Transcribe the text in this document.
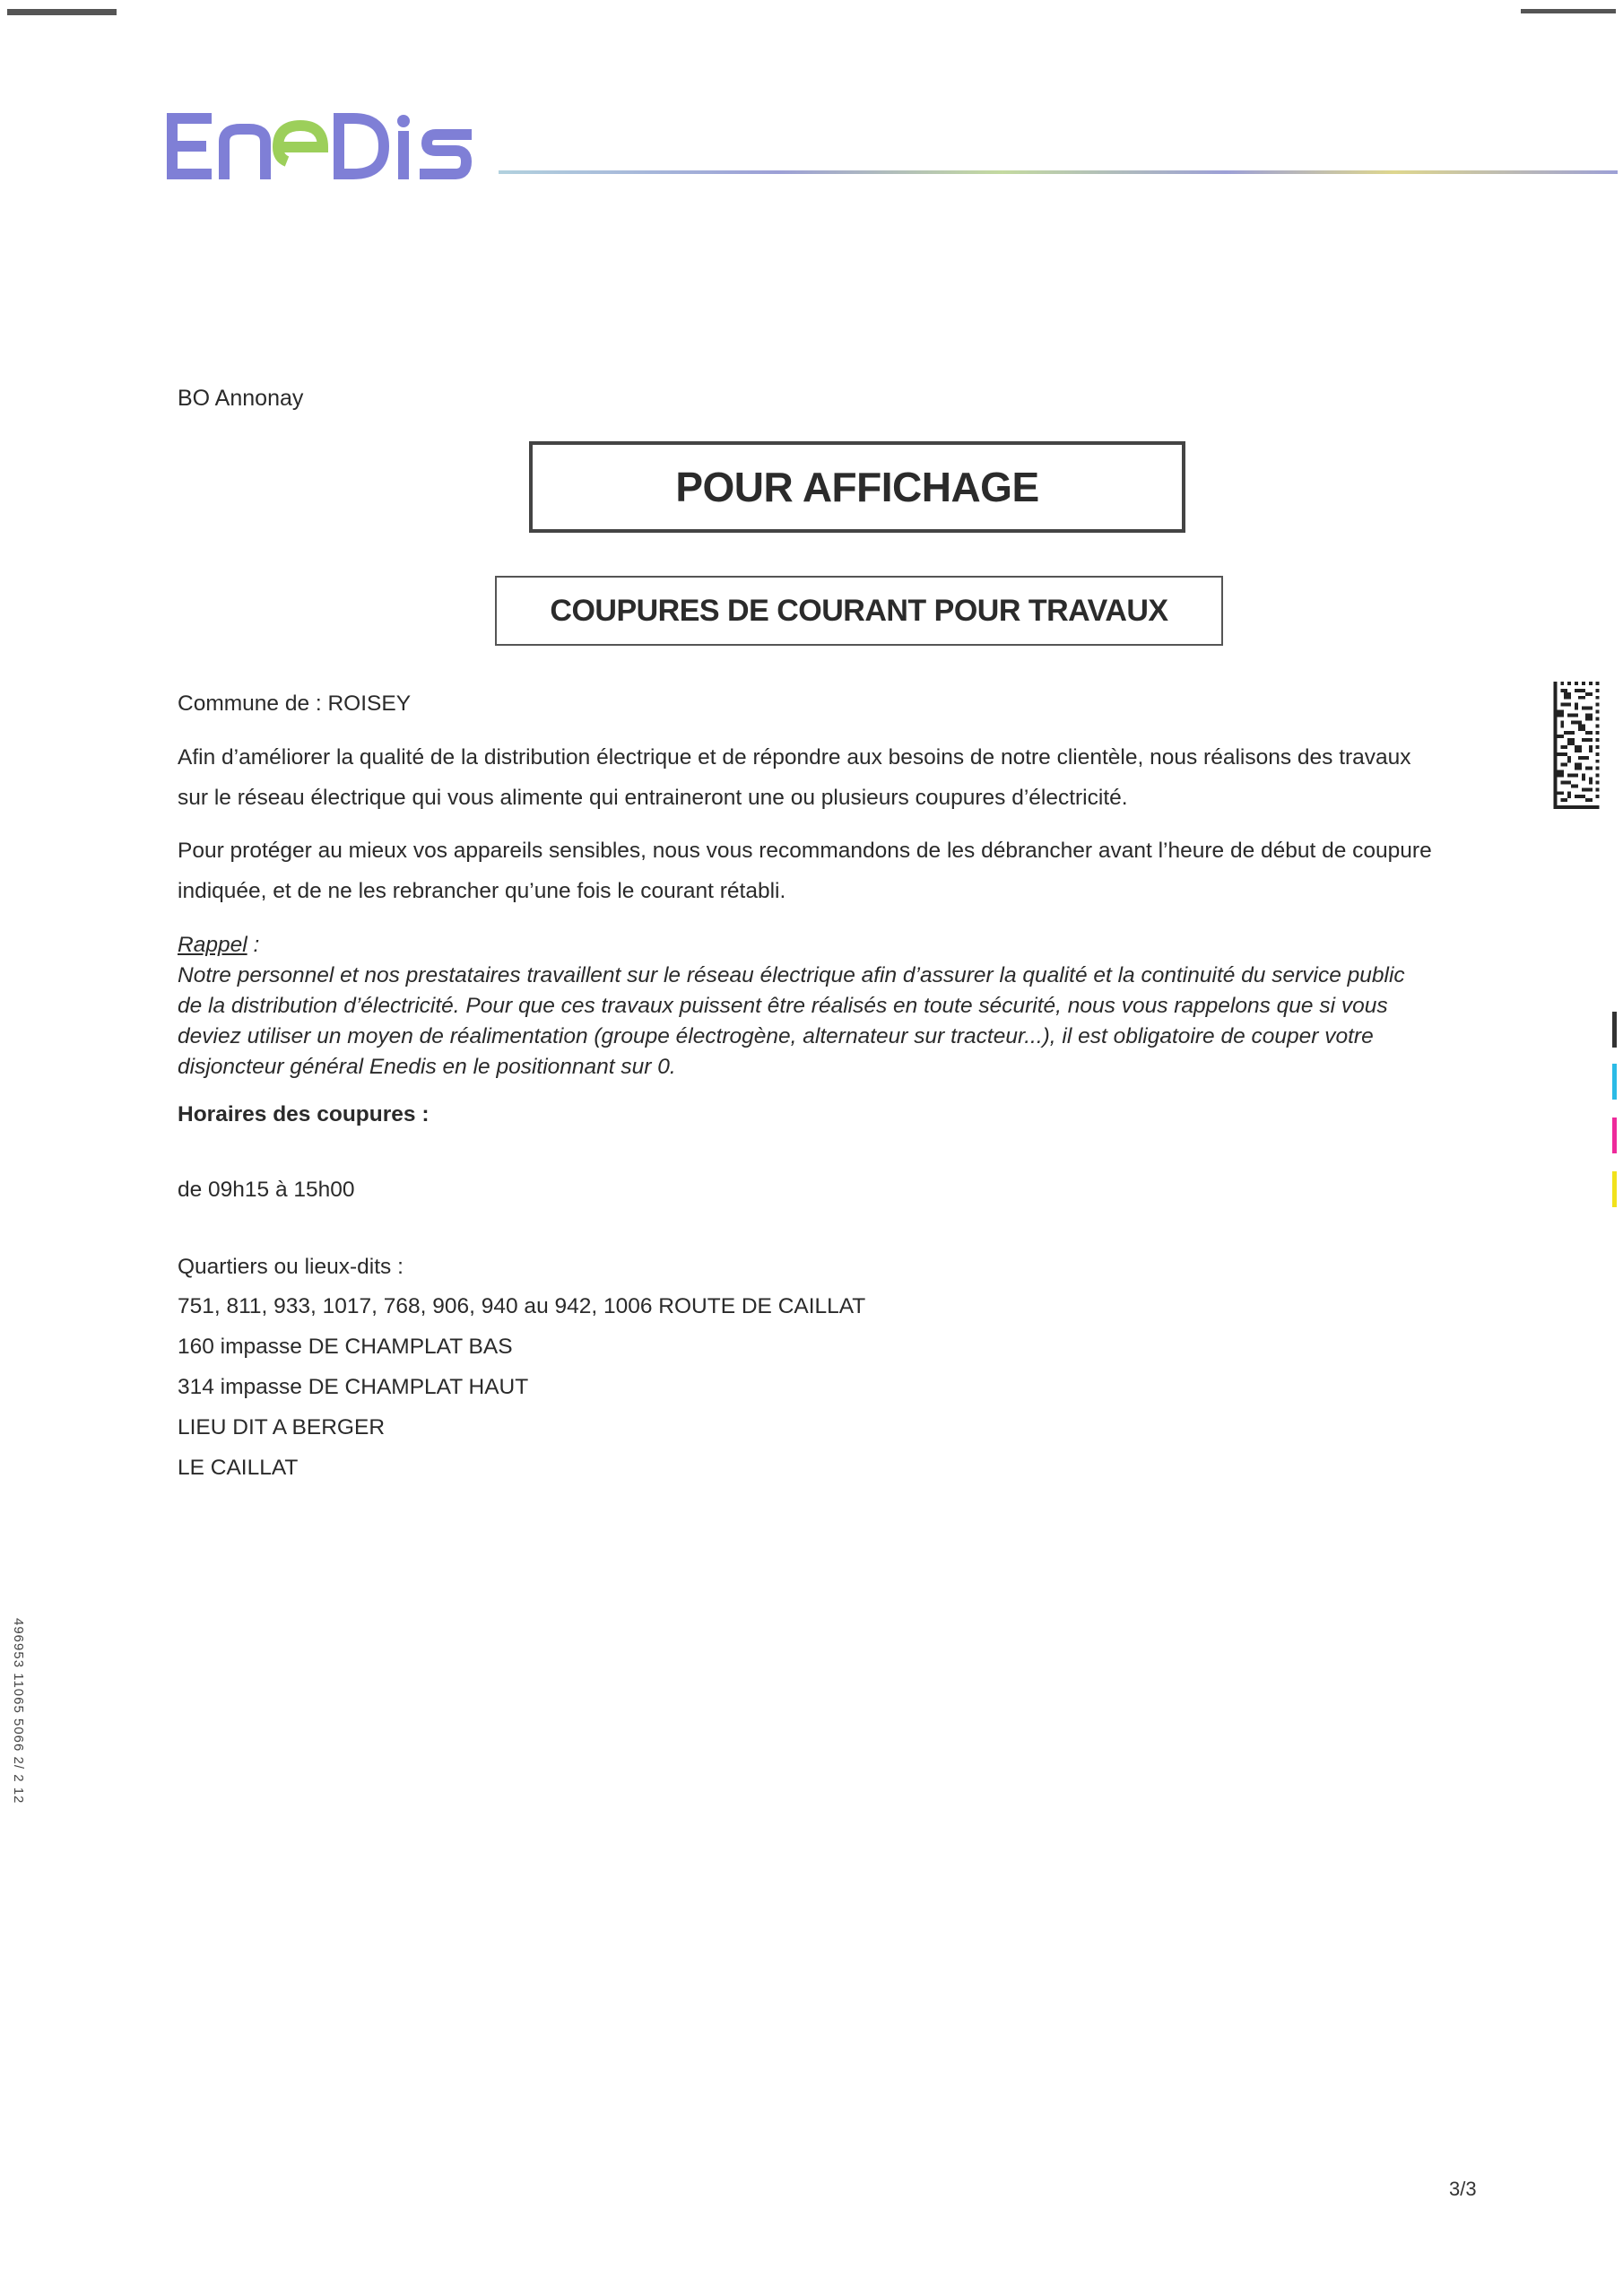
BO Annonay
POUR AFFICHAGE
COUPURES DE COURANT POUR TRAVAUX
Commune de : ROISEY
Afin d’améliorer la qualité de la distribution électrique et de répondre aux besoins de notre clientèle, nous réalisons des travaux
sur le réseau électrique qui vous alimente qui entraineront une ou plusieurs coupures d’électricité.
Pour protéger au mieux vos appareils sensibles, nous vous recommandons de les débrancher avant l’heure de début de coupure
indiquée, et de ne les rebrancher qu’une fois le courant rétabli.
Rappel :
Notre personnel et nos prestataires travaillent sur le réseau électrique afin d’assurer la qualité et la continuité du service public
de la distribution d’électricité. Pour que ces travaux puissent être réalisés en toute sécurité, nous vous rappelons que si vous
deviez utiliser un moyen de réalimentation (groupe électrogène, alternateur sur tracteur...), il est obligatoire de couper votre
disjoncteur général Enedis en le positionnant sur 0.
Horaires des coupures :
de 09h15 à 15h00
Quartiers ou lieux-dits :
751, 811, 933, 1017, 768, 906, 940 au 942, 1006 ROUTE DE CAILLAT
160 impasse DE CHAMPLAT BAS
314 impasse DE CHAMPLAT HAUT
LIEU DIT A BERGER
LE CAILLAT
496953 11065 5066 2/ 2 12
3/3
